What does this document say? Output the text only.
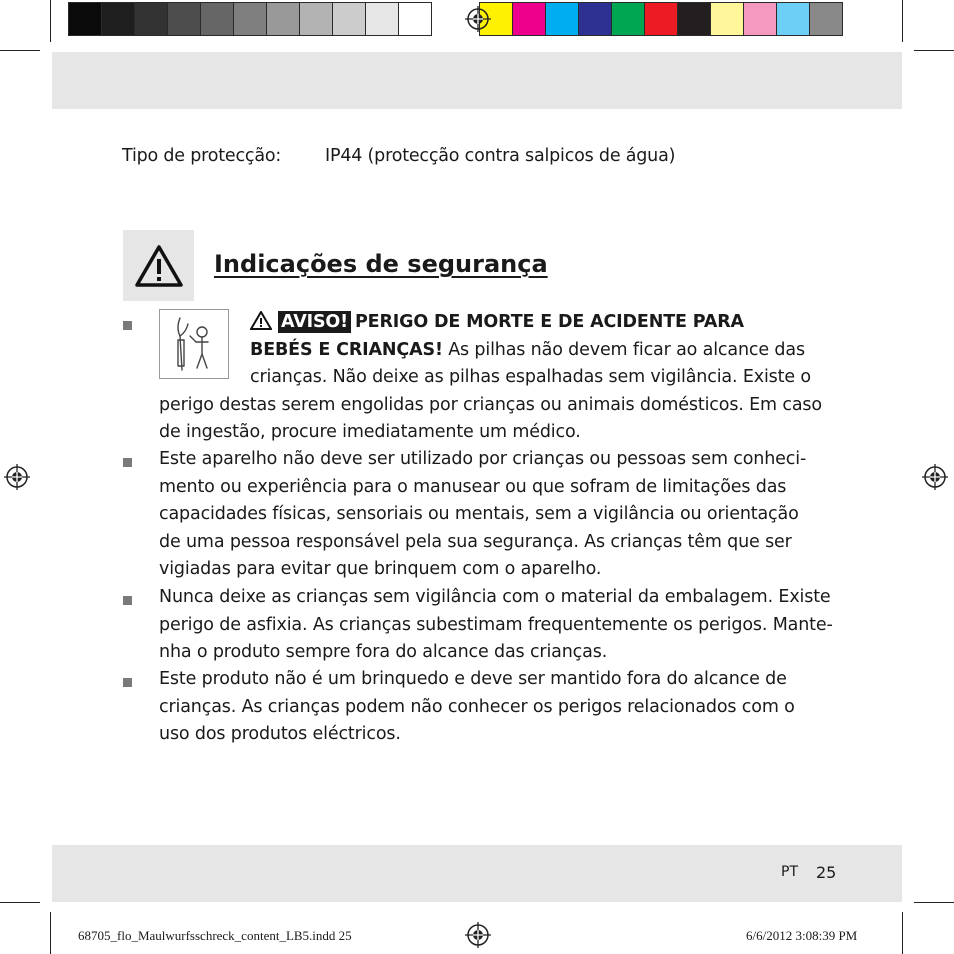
Tipo de protecção:	IP44 (protecção contra salpicos de água)
Indicações de segurança
AVISO! PERIGO DE MORTE E DE ACIDENTE PARA
BEBÉS E CRIANÇAS! As pilhas não devem ficar ao alcance das
crianças. Não deixe as pilhas espalhadas sem vigilância. Existe o
perigo destas serem engolidas por crianças ou animais domésticos. Em caso
de ingestão, procure imediatamente um médico.
Este aparelho não deve ser utilizado por crianças ou pessoas sem conheci-
mento ou experiência para o manusear ou que sofram de limitações das
capacidades físicas, sensoriais ou mentais, sem a vigilância ou orientação
de uma pessoa responsável pela sua segurança. As crianças têm que ser
vigiadas para evitar que brinquem com o aparelho.
Nunca deixe as crianças sem vigilância com o material da embalagem. Existe
perigo de asfixia. As crianças subestimam frequentemente os perigos. Mante-
nha o produto sempre fora do alcance das crianças.
Este produto não é um brinquedo e deve ser mantido fora do alcance de
crianças. As crianças podem não conhecer os perigos relacionados com o
uso dos produtos eléctricos.
PT 25
68705_flo_Maulwurfsschreck_content_LB5.indd 25	6/6/2012 3:08:39 PM
